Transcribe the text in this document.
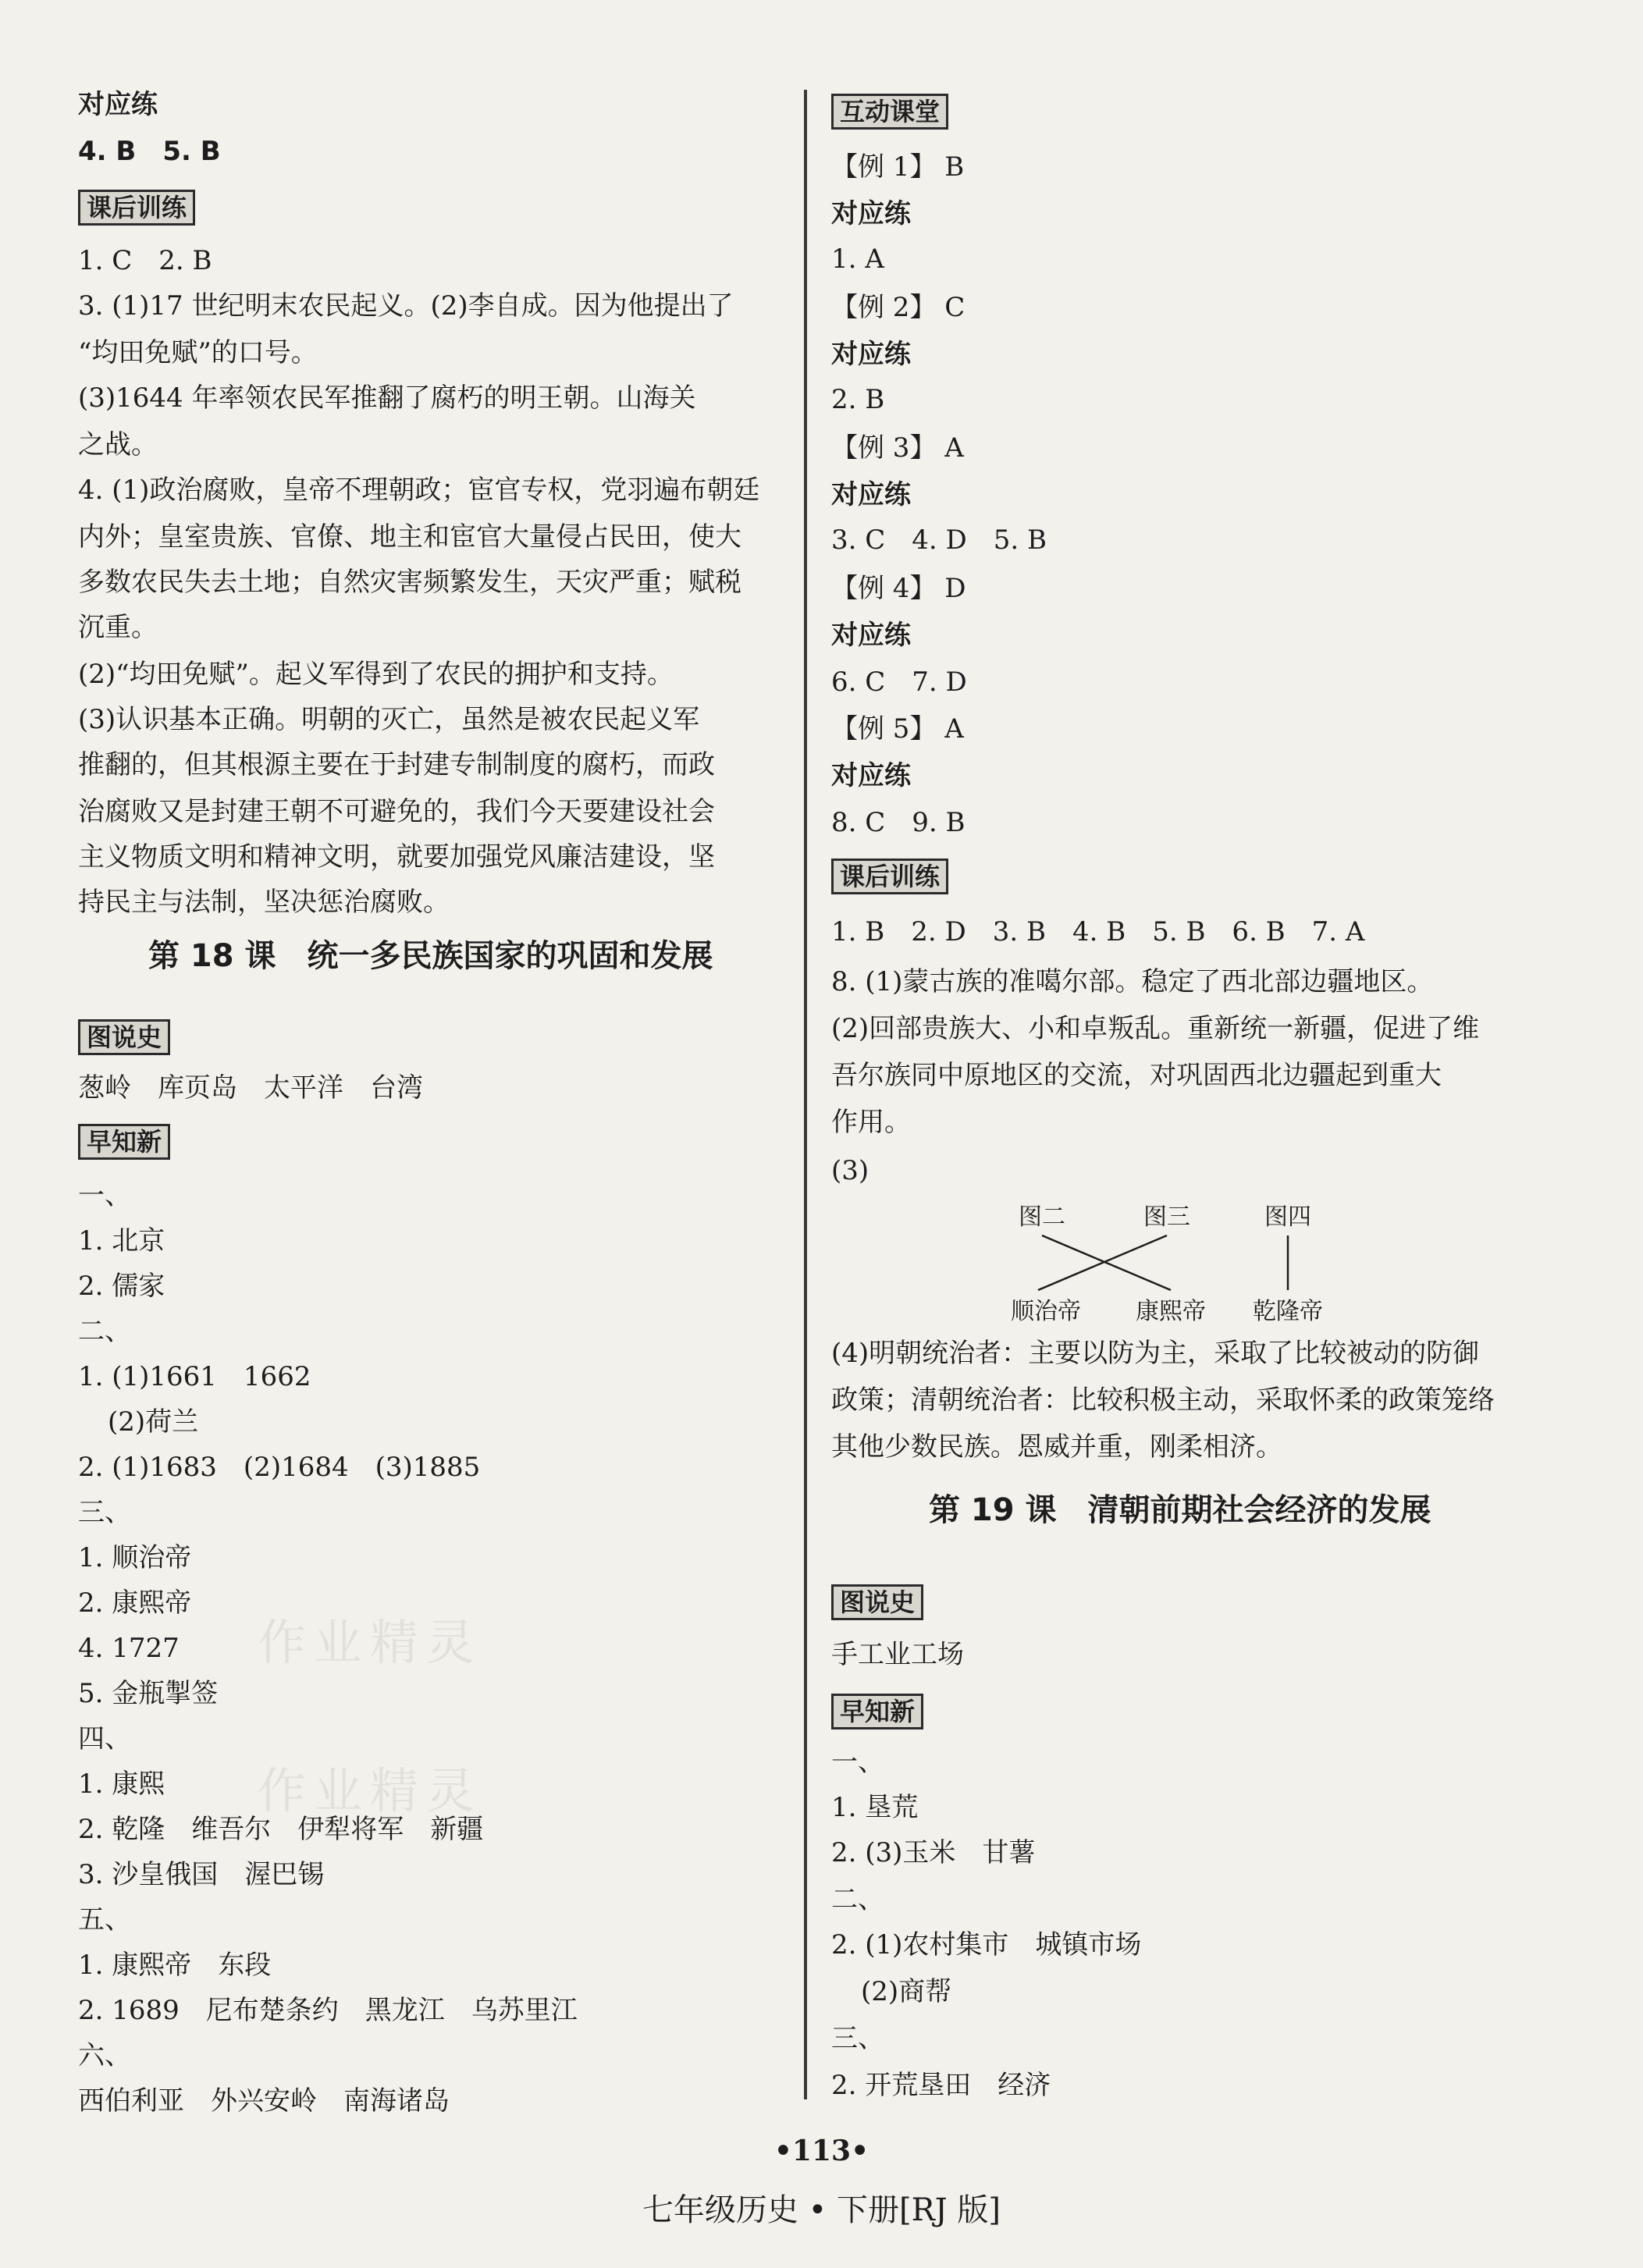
作业精灵
作业精灵
对应练
4. B　5. B
课后训练
1. C　2. B
3. (1)17 世纪明末农民起义。(2)李自成。因为他提出了
“均田免赋”的口号。
(3)1644 年率领农民军推翻了腐朽的明王朝。山海关
之战。
4. (1)政治腐败，皇帝不理朝政；宦官专权，党羽遍布朝廷
内外；皇室贵族、官僚、地主和宦官大量侵占民田，使大
多数农民失去土地；自然灾害频繁发生，天灾严重；赋税
沉重。
(2)“均田免赋”。起义军得到了农民的拥护和支持。
(3)认识基本正确。明朝的灭亡，虽然是被农民起义军
推翻的，但其根源主要在于封建专制制度的腐朽，而政
治腐败又是封建王朝不可避免的，我们今天要建设社会
主义物质文明和精神文明，就要加强党风廉洁建设，坚
持民主与法制，坚决惩治腐败。
第 18 课　统一多民族国家的巩固和发展
图说史
葱岭　库页岛　太平洋　台湾
早知新
一、
1. 北京
2. 儒家
二、
1. (1)1661　1662
(2)荷兰
2. (1)1683　(2)1684　(3)1885
三、
1. 顺治帝
2. 康熙帝
4. 1727
5. 金瓶掣签
四、
1. 康熙
2. 乾隆　维吾尔　伊犁将军　新疆
3. 沙皇俄国　渥巴锡
五、
1. 康熙帝　东段
2. 1689　尼布楚条约　黑龙江　乌苏里江
六、
西伯利亚　外兴安岭　南海诸岛
互动课堂
【例 1】 B
对应练
1. A
【例 2】 C
对应练
2. B
【例 3】 A
对应练
3. C　4. D　5. B
【例 4】 D
对应练
6. C　7. D
【例 5】 A
对应练
8. C　9. B
课后训练
1. B　2. D　3. B　4. B　5. B　6. B　7. A
8. (1)蒙古族的准噶尔部。稳定了西北部边疆地区。
(2)回部贵族大、小和卓叛乱。重新统一新疆，促进了维
吾尔族同中原地区的交流，对巩固西北边疆起到重大
作用。
(3)
图二	图三	图四
顺治帝 康熙帝 乾隆帝
(4)明朝统治者：主要以防为主，采取了比较被动的防御
政策；清朝统治者：比较积极主动，采取怀柔的政策笼络
其他少数民族。恩威并重，刚柔相济。
第 19 课　清朝前期社会经济的发展
图说史
手工业工场
早知新
一、
1. 垦荒
2. (3)玉米　甘薯
二、
2. (1)农村集市　城镇市场
(2)商帮
三、
2. 开荒垦田　经济
•113•
七年级历史 • 下册[RJ 版]
